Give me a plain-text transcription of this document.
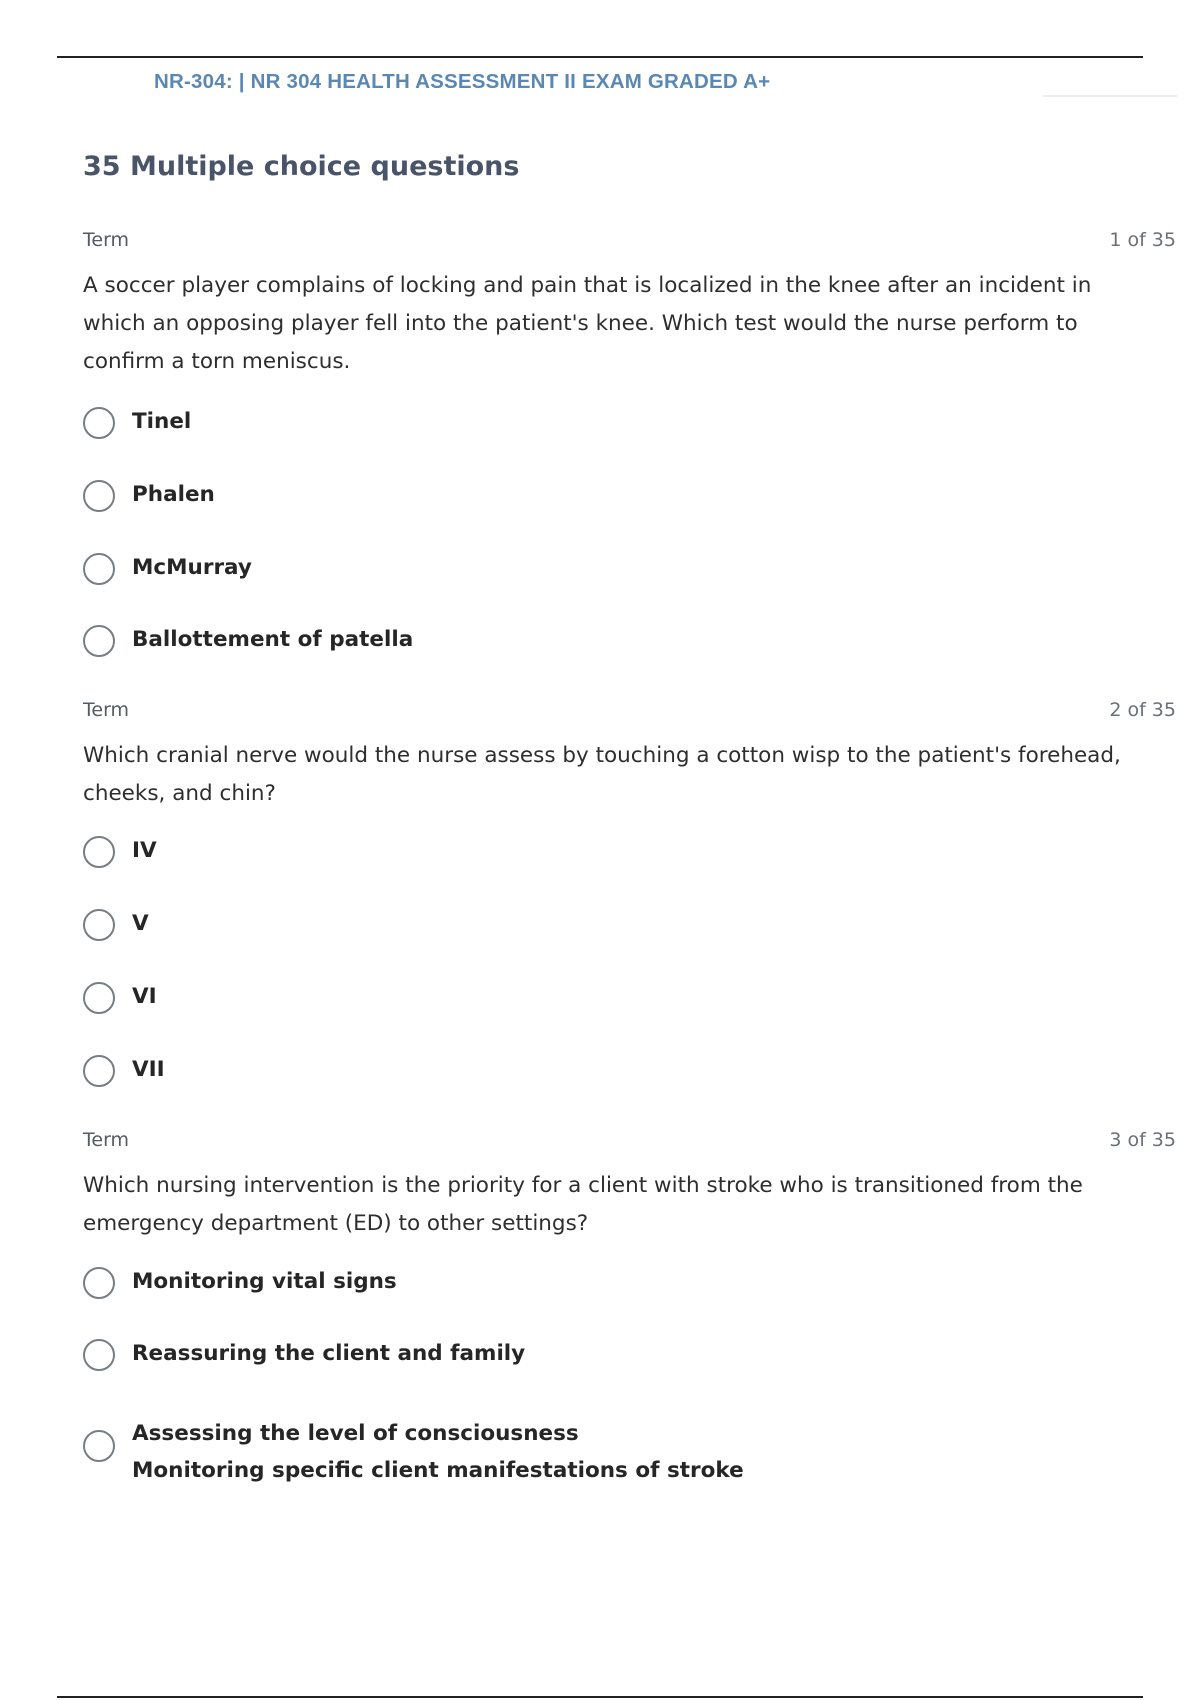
NR-304: | NR 304 HEALTH ASSESSMENT II EXAM GRADED A+
35 Multiple choice questions
Term	1 of 35
A soccer player complains of locking and pain that is localized in the knee after an incident in which an opposing player fell into the patient's knee. Which test would the nurse perform to confirm a torn meniscus.
Tinel
Phalen
McMurray
Ballottement of patella
Term	2 of 35
Which cranial nerve would the nurse assess by touching a cotton wisp to the patient's forehead, cheeks, and chin?
IV
V
VI
VII
Term	3 of 35
Which nursing intervention is the priority for a client with stroke who is transitioned from the emergency department (ED) to other settings?
Monitoring vital signs
Reassuring the client and family
Assessing the level of consciousness
Monitoring specific client manifestations of stroke
